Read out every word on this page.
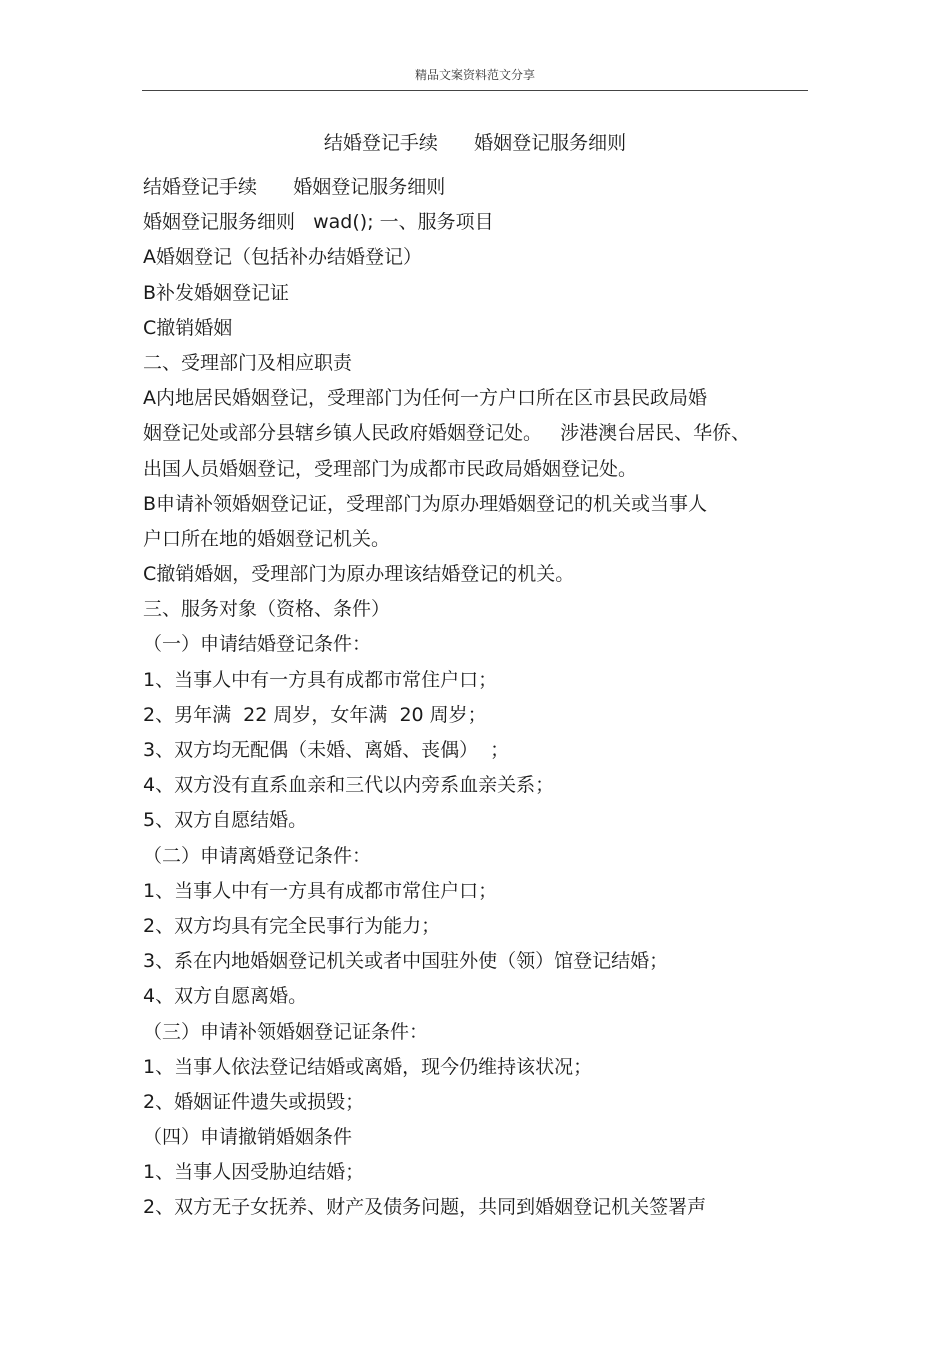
精品文案资料范文分享
结婚登记手续      婚姻登记服务细则
结婚登记手续      婚姻登记服务细则
婚姻登记服务细则   wad(); 一、服务项目
A婚姻登记（包括补办结婚登记）
B补发婚姻登记证
C撤销婚姻
二、受理部门及相应职责
A内地居民婚姻登记，受理部门为任何一方户口所在区市县民政局婚
姻登记处或部分县辖乡镇人民政府婚姻登记处。   涉港澳台居民、华侨、
出国人员婚姻登记，受理部门为成都市民政局婚姻登记处。
B申请补领婚姻登记证，受理部门为原办理婚姻登记的机关或当事人
户口所在地的婚姻登记机关。
C撤销婚姻，受理部门为原办理该结婚登记的机关。
三、服务对象（资格、条件）
（一）申请结婚登记条件：
1、当事人中有一方具有成都市常住户口；
2、男年满  22 周岁，女年满  20 周岁；
3、双方均无配偶（未婚、离婚、丧偶）  ；
4、双方没有直系血亲和三代以内旁系血亲关系；
5、双方自愿结婚。
（二）申请离婚登记条件：
1、当事人中有一方具有成都市常住户口；
2、双方均具有完全民事行为能力；
3、系在内地婚姻登记机关或者中国驻外使（领）馆登记结婚；
4、双方自愿离婚。
（三）申请补领婚姻登记证条件：
1、当事人依法登记结婚或离婚，现今仍维持该状况；
2、婚姻证件遗失或损毁；
（四）申请撤销婚姻条件
1、当事人因受胁迫结婚；
2、双方无子女抚养、财产及债务问题，共同到婚姻登记机关签署声
